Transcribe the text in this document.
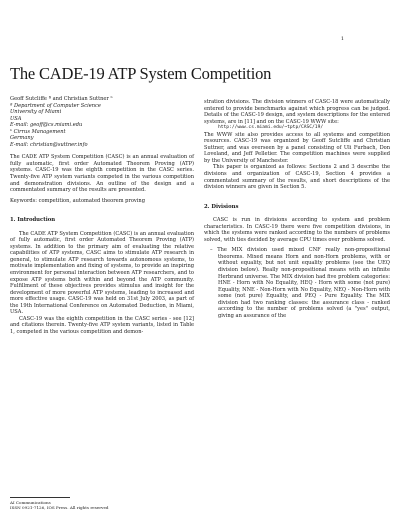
1
The CADE-19 ATP System Competition
Geoff Sutcliffe ª and Christian Suttner ᵇ
ª Department of Computer Science
University of Miami
USA
E-mail: geoff@cs.miami.edu
ᵇ Cirrus Management
Germany
E-mail: christian@suttner.info

The CADE ATP System Competition (CASC) is an annual evaluation of fully automatic, first order Automated Theorem Proving (ATP) systems. CASC-19 was the eighth competition in the CASC series. Twenty-five ATP system variants competed in the various competition and demonstration divisions. An outline of the design and a commentated summary of the results are presented.

Keywords: competition, automated theorem proving
1. Introduction

The CADE ATP System Competition (CASC) is an annual evaluation of fully automatic, first order Automated Theorem Proving (ATP) systems. In addition to the primary aim of evaluating the relative capabilities of ATP systems, CASC aims to stimulate ATP research in general, to stimulate ATP research towards autonomous systems, to motivate implementation and fixing of systems, to provide an inspiring environment for personal interaction between ATP researchers, and to expose ATP systems both within and beyond the ATP community. Fulfillment of these objectives provides stimulus and insight for the development of more powerful ATP systems, leading to increased and more effective usage. CASC-19 was held on 31st July 2003, as part of the 19th International Conference on Automated Deduction, in Miami, USA.

CASC-19 was the eighth competition in the CASC series - see [12] and citations therein. Twenty-five ATP system variants, listed in Table 1, competed in the various competition and demon-

AI Communications
ISSN 0921-7126, IOS Press. All rights reserved

stration divisions. The division winners of CASC-18 were automatically entered to provide benchmarks against which progress can be judged. Details of the CASC-19 design, and system descriptions for the entered systems, are in [11] and on the CASC-19 WWW site:

http://www.cs.miami.edu/~tptp/CASC/19/

The WWW site also provides access to all systems and competition resources. CASC-19 was organized by Geoff Sutcliffe and Christian Suttner, and was overseen by a panel consisting of Uli Furbach, Don Loveland, and Jeff Pelletier. The competition machines were supplied by the University of Manchester.

This paper is organized as follows: Sections 2 and 3 describe the divisions and organization of CASC-19, Section 4 provides a commentated summary of the results, and short descriptions of the division winners are given in Section 5.

2. Divisions

CASC is run in divisions according to system and problem characteristics. In CASC-19 there were five competition divisions, in which the systems were ranked according to the numbers of problems solved, with ties decided by average CPU times over problems solved.

– The MIX division used mixed CNF really non-propositional theorems. Mixed means Horn and non-Horn problems, with or without equality, but not unit equality problems (see the UEQ division below). Really non-propositional means with an infinite Herbrand universe. The MIX division had five problem categories: HNE - Horn with No Equality, HEQ - Horn with some (not pure) Equality, NNE - Non-Horn with No Equality, NEQ - Non-Horn with some (not pure) Equality, and PEQ - Pure Equality. The MIX division had two ranking classes: the assurance class - ranked according to the number of problems solved (a "yes" output, giving an assurance of the
